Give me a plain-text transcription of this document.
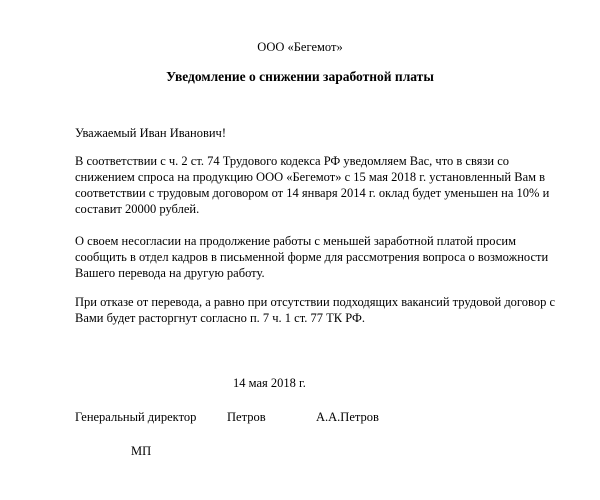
ООО «Бегемот»
Уведомление о снижении заработной платы
Уважаемый Иван Иванович!
В соответствии с ч. 2 ст. 74 Трудового кодекса РФ уведомляем Вас, что в связи со
снижением спроса на продукцию ООО «Бегемот» с 15 мая 2018 г. установленный Вам в
соответствии с трудовым договором от 14 января 2014 г. оклад будет уменьшен на 10% и
составит 20000 рублей.
О своем несогласии на продолжение работы с меньшей заработной платой просим
сообщить в отдел кадров в письменной форме для рассмотрения вопроса о возможности
Вашего перевода на другую работу.
При отказе от перевода, а равно при отсутствии подходящих вакансий трудовой договор с
Вами будет расторгнут согласно п. 7 ч. 1 ст. 77 ТК РФ.
14 мая 2018 г.
Генеральный директор Петров	А.А.Петров
МП
